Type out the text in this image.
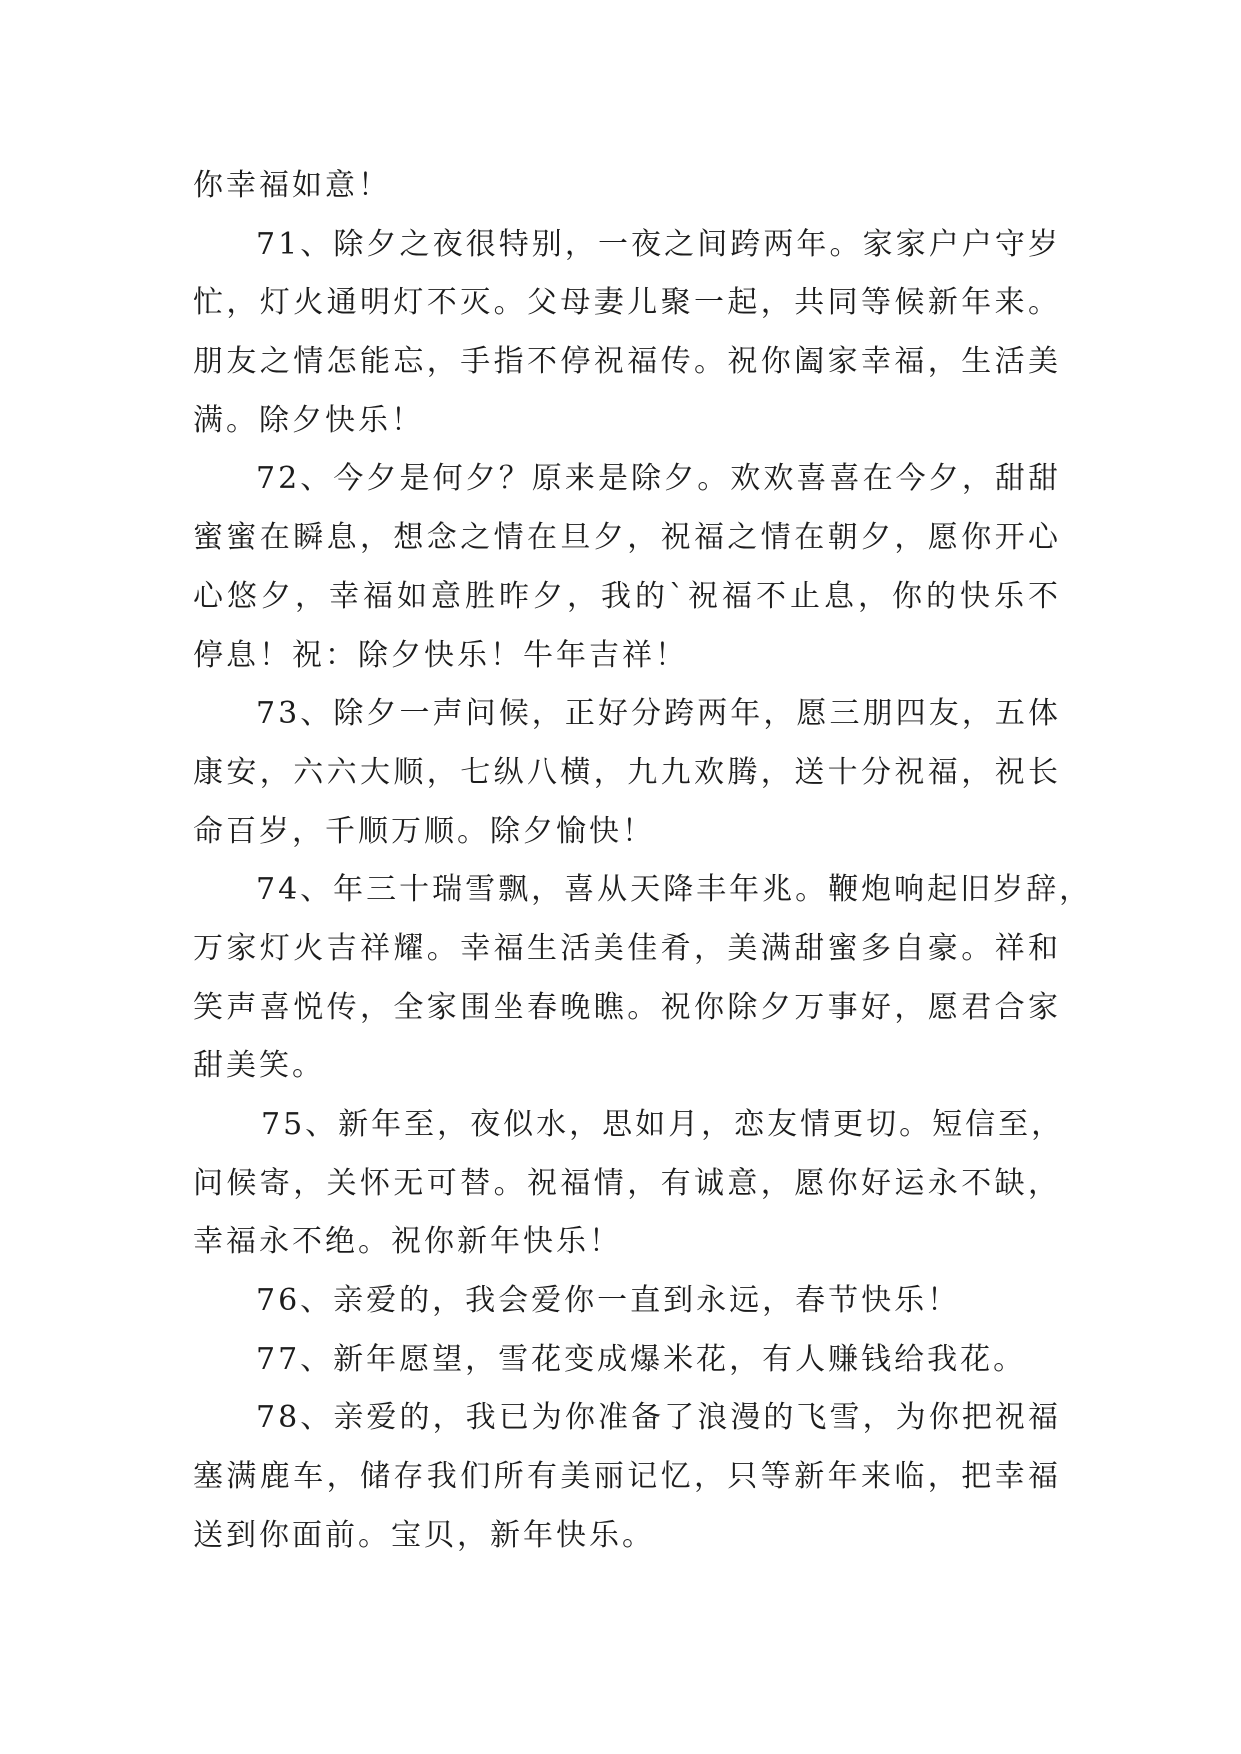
你幸福如意！
71、除夕之夜很特别，一夜之间跨两年。家家户户守岁
忙，灯火通明灯不灭。父母妻儿聚一起，共同等候新年来。
朋友之情怎能忘，手指不停祝福传。祝你阖家幸福，生活美
满。除夕快乐！
72、今夕是何夕？原来是除夕。欢欢喜喜在今夕，甜甜
蜜蜜在瞬息，想念之情在旦夕，祝福之情在朝夕，愿你开心
心悠夕，幸福如意胜昨夕，我的`祝福不止息，你的快乐不
停息！祝：除夕快乐！牛年吉祥！
73、除夕一声问候，正好分跨两年，愿三朋四友，五体
康安，六六大顺，七纵八横，九九欢腾，送十分祝福，祝长
命百岁，千顺万顺。除夕愉快！
74、年三十瑞雪飘，喜从天降丰年兆。鞭炮响起旧岁辞，
万家灯火吉祥耀。幸福生活美佳肴，美满甜蜜多自豪。祥和
笑声喜悦传，全家围坐春晚瞧。祝你除夕万事好，愿君合家
甜美笑。
75、新年至，夜似水，思如月，恋友情更切。短信至，
问候寄，关怀无可替。祝福情，有诚意，愿你好运永不缺，
幸福永不绝。祝你新年快乐！
76、亲爱的，我会爱你一直到永远，春节快乐！
77、新年愿望，雪花变成爆米花，有人赚钱给我花。
78、亲爱的，我已为你准备了浪漫的飞雪，为你把祝福
塞满鹿车，储存我们所有美丽记忆，只等新年来临，把幸福
送到你面前。宝贝，新年快乐。
